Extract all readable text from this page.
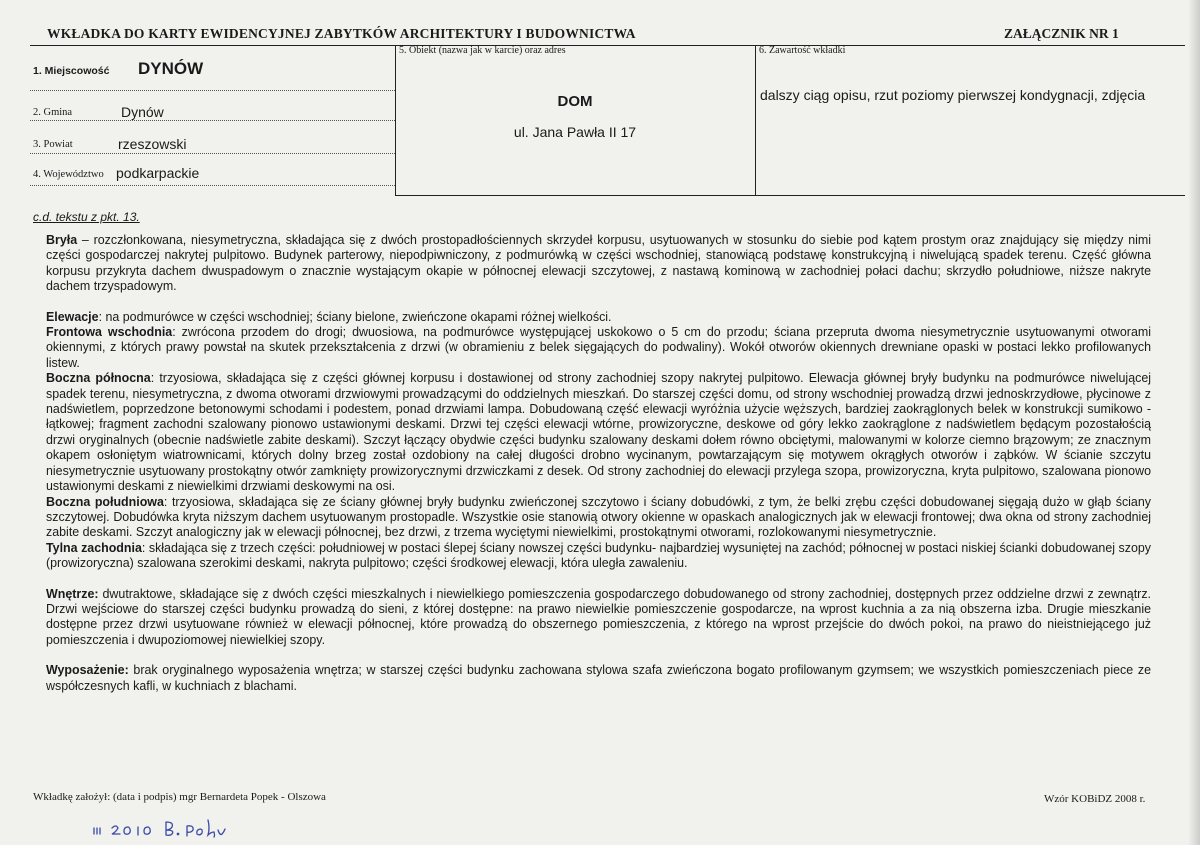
WKŁADKA DO KARTY EWIDENCYJNEJ ZABYTKÓW ARCHITEKTURY I BUDOWNICTWA	ZAŁĄCZNIK NR 1
1. Miejscowość DYNÓW
2. Gmina	Dynów
3. Powiat	rzeszowski
4. Województwo podkarpackie
5. Obiekt (nazwa jak w karcie) oraz adres
DOM
ul. Jana Pawła II 17
6. Zawartość wkładki
dalszy ciąg opisu, rzut poziomy pierwszej kondygnacji, zdjęcia
c.d. tekstu z pkt. 13.

Bryła – rozczłonkowana, niesymetryczna, składająca się z dwóch prostopadłościennych skrzydeł korpusu, usytuowanych w stosunku do siebie pod kątem prostym oraz znajdujący się między nimi części gospodarczej nakrytej pulpitowo. Budynek parterowy, niepodpiwniczony, z podmurówką w części wschodniej, stanowiącą podstawę konstrukcyjną i niwelującą spadek terenu. Część główna korpusu przykryta dachem dwuspadowym o znacznie wystającym okapie w północnej elewacji szczytowej, z nastawą kominową w zachodniej połaci dachu; skrzydło południowe, niższe nakryte dachem trzyspadowym.

Elewacje: na podmurówce w części wschodniej; ściany bielone, zwieńczone okapami różnej wielkości.

Frontowa wschodnia: zwrócona przodem do drogi; dwuosiowa, na podmurówce występującej uskokowo o 5 cm do przodu; ściana przepruta dwoma niesymetrycznie usytuowanymi otworami okiennymi, z których prawy powstał na skutek przekształcenia z drzwi (w obramieniu z belek sięgających do podwaliny). Wokół otworów okiennych drewniane opaski w postaci lekko profilowanych listew.

Boczna północna: trzyosiowa, składająca się z części głównej korpusu i dostawionej od strony zachodniej szopy nakrytej pulpitowo. Elewacja głównej bryły budynku na podmurówce niwelującej spadek terenu, niesymetryczna, z dwoma otworami drzwiowymi prowadzącymi do oddzielnych mieszkań. Do starszej części domu, od strony wschodniej prowadzą drzwi jednoskrzydłowe, płycinowe z nadświetlem, poprzedzone betonowymi schodami i podestem, ponad drzwiami lampa. Dobudowaną część elewacji wyróżnia użycie węższych, bardziej zaokrąglonych belek w konstrukcji sumikowo - łątkowej; fragment zachodni szalowany pionowo ustawionymi deskami. Drzwi tej części elewacji wtórne, prowizoryczne, deskowe od góry lekko zaokrąglone z nadświetlem będącym pozostałością drzwi oryginalnych (obecnie nadświetle zabite deskami). Szczyt łączący obydwie części budynku szalowany deskami dołem równo obciętymi, malowanymi w kolorze ciemno brązowym; ze znacznym okapem osłoniętym wiatrownicami, których dolny brzeg został ozdobiony na całej długości drobno wycinanym, powtarzającym się motywem okrągłych otworów i ząbków. W ścianie szczytu niesymetrycznie usytuowany prostokątny otwór zamknięty prowizorycznymi drzwiczkami z desek. Od strony zachodniej do elewacji przylega szopa, prowizoryczna, kryta pulpitowo, szalowana pionowo ustawionymi deskami z niewielkimi drzwiami deskowymi na osi.

Boczna południowa: trzyosiowa, składająca się ze ściany głównej bryły budynku zwieńczonej szczytowo i ściany dobudówki, z tym, że belki zrębu części dobudowanej sięgają dużo w głąb ściany szczytowej. Dobudówka kryta niższym dachem usytuowanym prostopadle. Wszystkie osie stanowią otwory okienne w opaskach analogicznych jak w elewacji frontowej; dwa okna od strony zachodniej zabite deskami. Szczyt analogiczny jak w elewacji północnej, bez drzwi, z trzema wyciętymi niewielkimi, prostokątnymi otworami, rozlokowanymi niesymetrycznie.

Tylna zachodnia: składająca się z trzech części: południowej w postaci ślepej ściany nowszej części budynku- najbardziej wysuniętej na zachód; północnej w postaci niskiej ścianki dobudowanej szopy (prowizoryczna) szalowana szerokimi deskami, nakryta pulpitowo; części środkowej elewacji, która uległa zawaleniu.

Wnętrze: dwutraktowe, składające się z dwóch części mieszkalnych i niewielkiego pomieszczenia gospodarczego dobudowanego od strony zachodniej, dostępnych przez oddzielne drzwi z zewnątrz. Drzwi wejściowe do starszej części budynku prowadzą do sieni, z której dostępne: na prawo niewielkie pomieszczenie gospodarcze, na wprost kuchnia a za nią obszerna izba. Drugie mieszkanie dostępne przez drzwi usytuowane również w elewacji północnej, które prowadzą do obszernego pomieszczenia, z którego na wprost przejście do dwóch pokoi, na prawo do nieistniejącego już pomieszczenia i dwupoziomowej niewielkiej szopy.

Wyposażenie: brak oryginalnego wyposażenia wnętrza; w starszej części budynku zachowana stylowa szafa zwieńczona bogato profilowanym gzymsem; we wszystkich pomieszczeniach piece ze współczesnych kafli, w kuchniach z blachami.

Wkładkę założył: (data i podpis) mgr Bernardeta Popek - Olszowa	Wzór KOBiDZ 2008 r.
